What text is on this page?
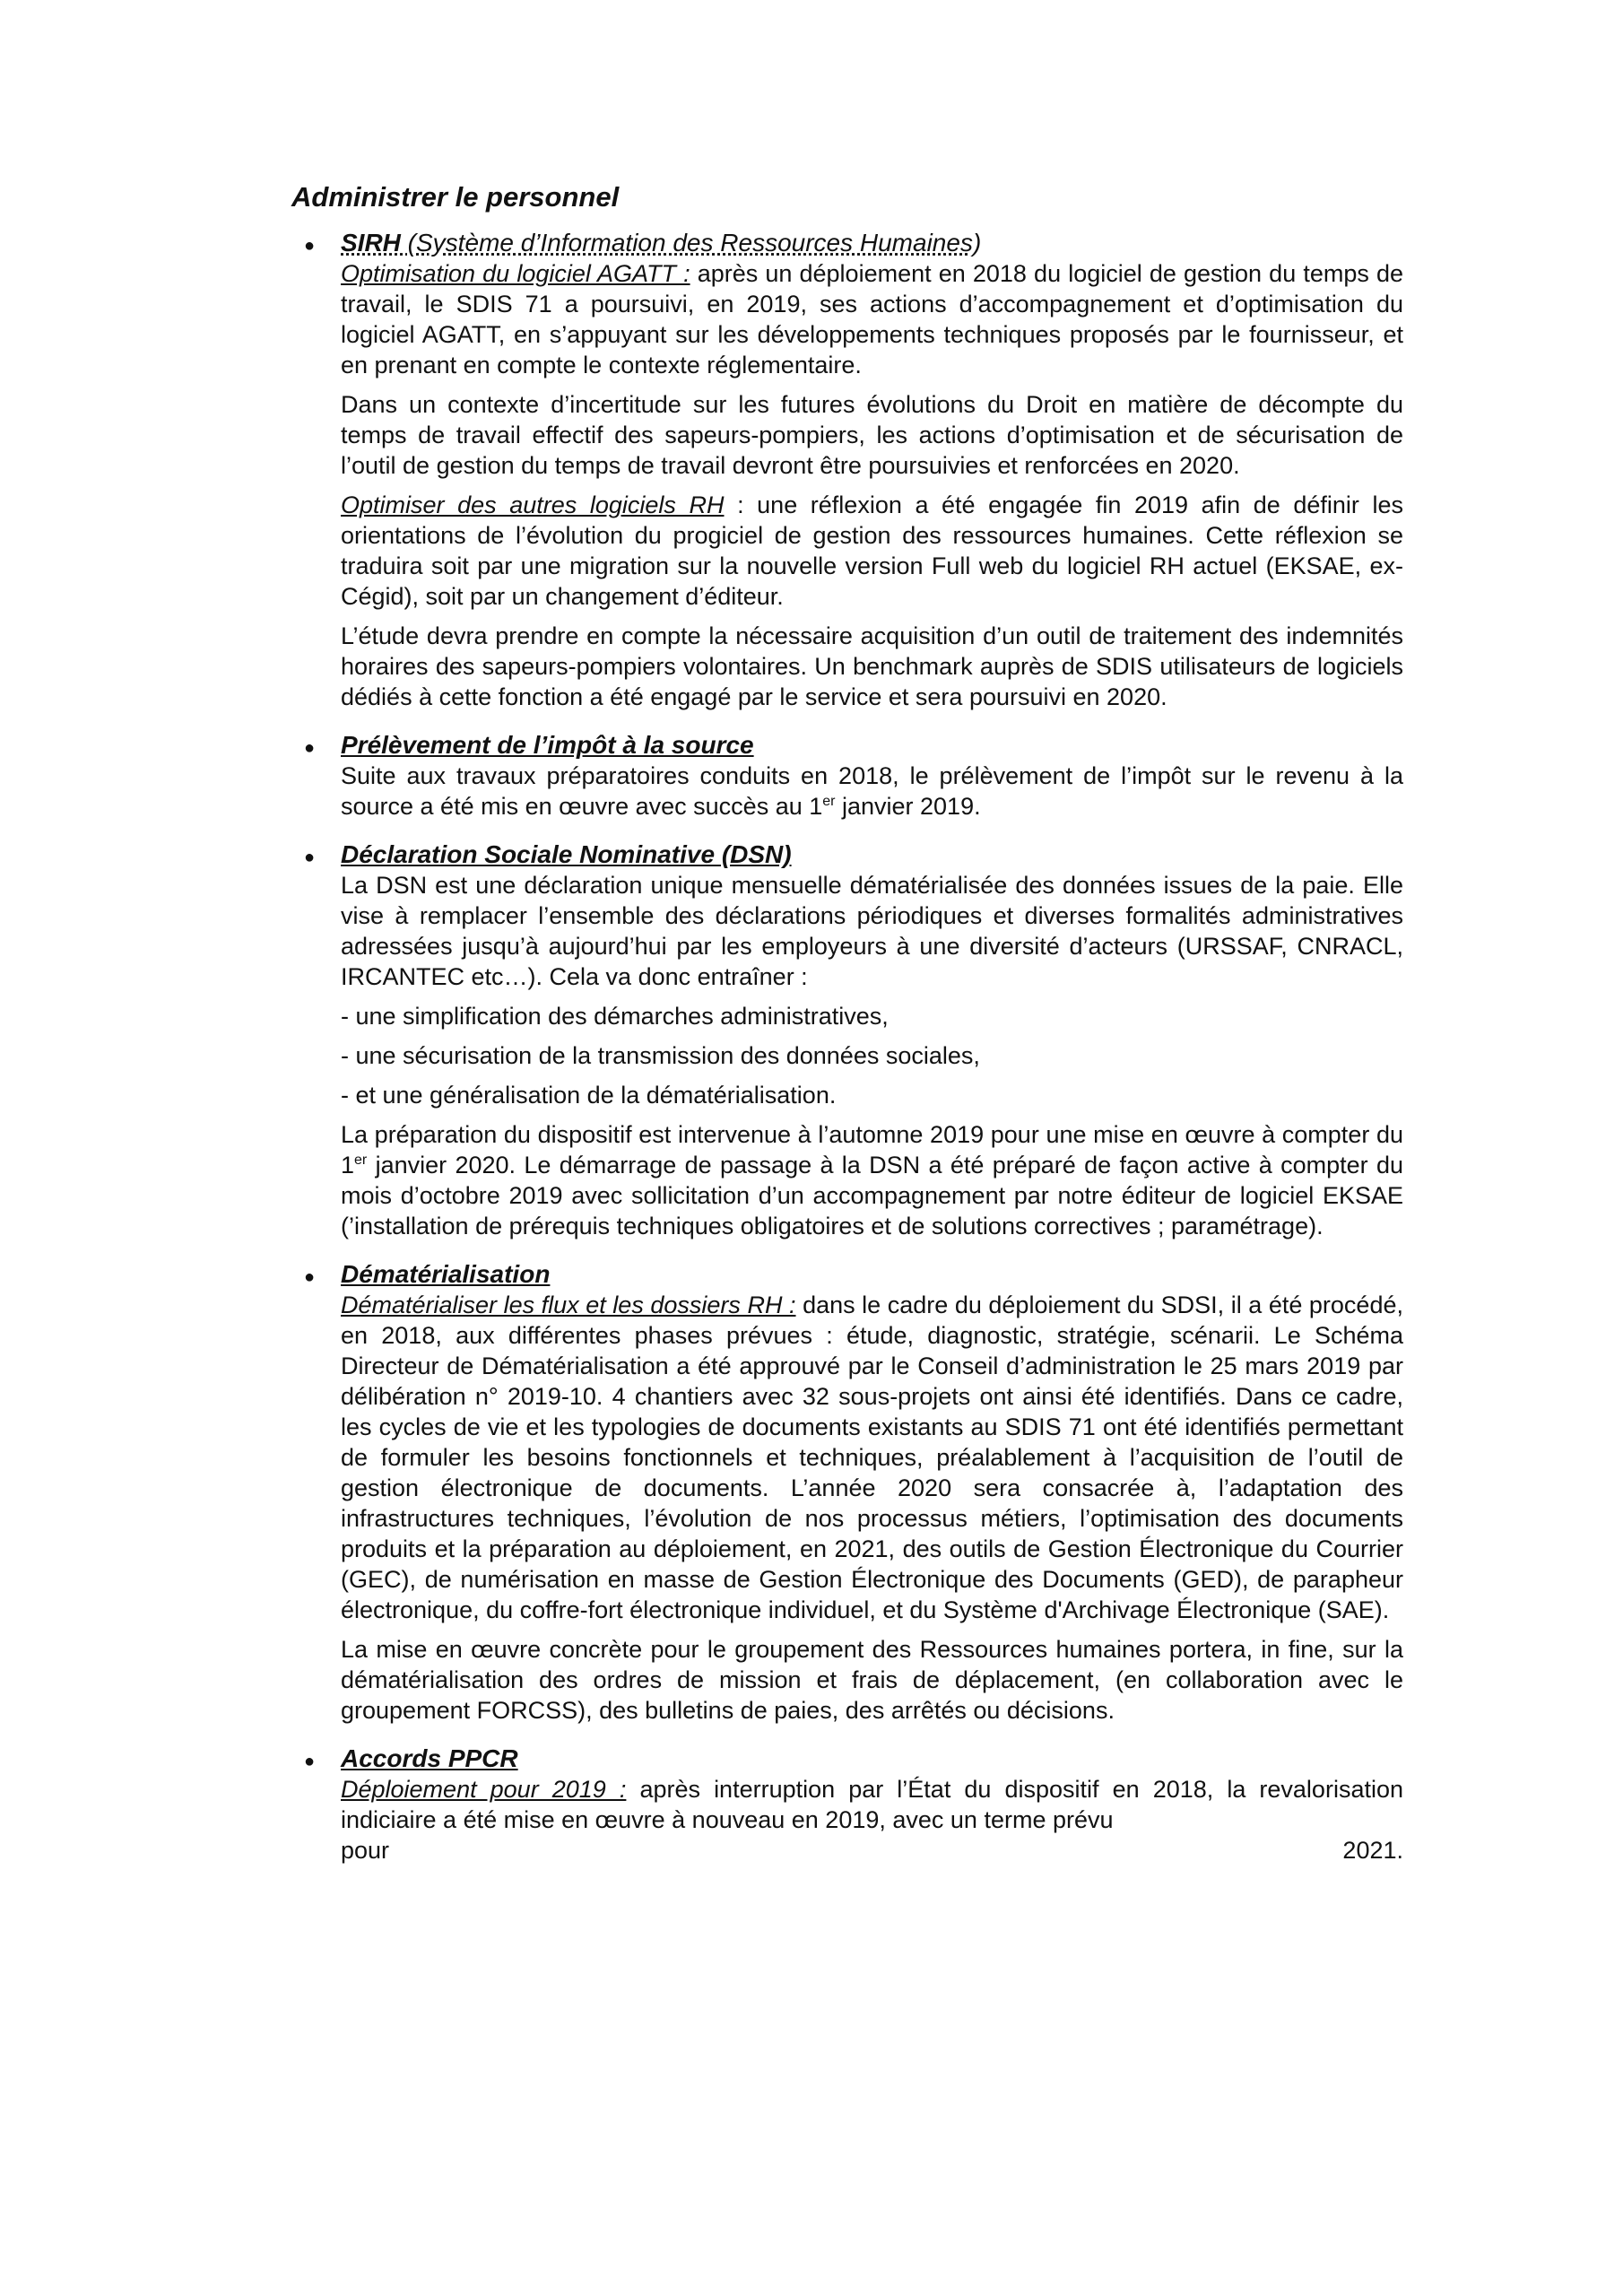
Administrer le personnel
● SIRH (Système d’Information des Ressources Humaines)

Optimisation du logiciel AGATT : après un déploiement en 2018 du logiciel de gestion du temps de travail, le SDIS 71 a poursuivi, en 2019, ses actions d’accompagnement et d’optimisation du logiciel AGATT, en s’appuyant sur les développements techniques proposés par le fournisseur, et en prenant en compte le contexte réglementaire.

Dans un contexte d’incertitude sur les futures évolutions du Droit en matière de décompte du temps de travail effectif des sapeurs-pompiers, les actions d’optimisation et de sécurisation de l’outil de gestion du temps de travail devront être poursuivies et renforcées en 2020.

Optimiser des autres logiciels RH : une réflexion a été engagée fin 2019 afin de définir les orientations de l’évolution du progiciel de gestion des ressources humaines. Cette réflexion se traduira soit par une migration sur la nouvelle version Full web du logiciel RH actuel (EKSAE, ex-Cégid), soit par un changement d’éditeur.

L’étude devra prendre en compte la nécessaire acquisition d’un outil de traitement des indemnités horaires des sapeurs-pompiers volontaires. Un benchmark auprès de SDIS utilisateurs de logiciels dédiés à cette fonction a été engagé par le service et sera poursuivi en 2020.

● Prélèvement de l’impôt à la source

Suite aux travaux préparatoires conduits en 2018, le prélèvement de l’impôt sur le revenu à la source a été mis en œuvre avec succès au 1er janvier 2019.

● Déclaration Sociale Nominative (DSN)

La DSN est une déclaration unique mensuelle dématérialisée des données issues de la paie. Elle vise à remplacer l’ensemble des déclarations périodiques et diverses formalités administratives adressées jusqu’à aujourd’hui par les employeurs à une diversité d’acteurs (URSSAF, CNRACL, IRCANTEC etc…). Cela va donc entraîner :

- une simplification des démarches administratives,

- une sécurisation de la transmission des données sociales,

- et une généralisation de la dématérialisation.

La préparation du dispositif est intervenue à l’automne 2019 pour une mise en œuvre à compter du 1er janvier 2020. Le démarrage de passage à la DSN a été préparé de façon active à compter du mois d’octobre 2019 avec sollicitation d’un accompagnement par notre éditeur de logiciel EKSAE (’installation de prérequis techniques obligatoires et de solutions correctives ; paramétrage).

● Dématérialisation

Dématérialiser les flux et les dossiers RH : dans le cadre du déploiement du SDSI, il a été procédé, en 2018, aux différentes phases prévues : étude, diagnostic, stratégie, scénarii. Le Schéma Directeur de Dématérialisation a été approuvé par le Conseil d’administration le 25 mars 2019 par délibération n° 2019-10. 4 chantiers avec 32 sous-projets ont ainsi été identifiés. Dans ce cadre, les cycles de vie et les typologies de documents existants au SDIS 71 ont été identifiés permettant de formuler les besoins fonctionnels et techniques, préalablement à l’acquisition de l’outil de gestion électronique de documents. L’année 2020 sera consacrée à, l’adaptation des infrastructures techniques, l’évolution de nos processus métiers, l’optimisation des documents produits et la préparation au déploiement, en 2021, des outils de Gestion Électronique du Courrier (GEC), de numérisation en masse de Gestion Électronique des Documents (GED), de parapheur électronique, du coffre-fort électronique individuel, et du Système d'Archivage Électronique (SAE).

La mise en œuvre concrète pour le groupement des Ressources humaines portera, in fine, sur la dématérialisation des ordres de mission et frais de déplacement, (en collaboration avec le groupement FORCSS), des bulletins de paies, des arrêtés ou décisions.

● Accords PPCR

Déploiement pour 2019 : après interruption par l’État du dispositif en 2018, la revalorisation indiciaire a été mise en œuvre à nouveau en 2019, avec un terme prévu

pour	2021.
